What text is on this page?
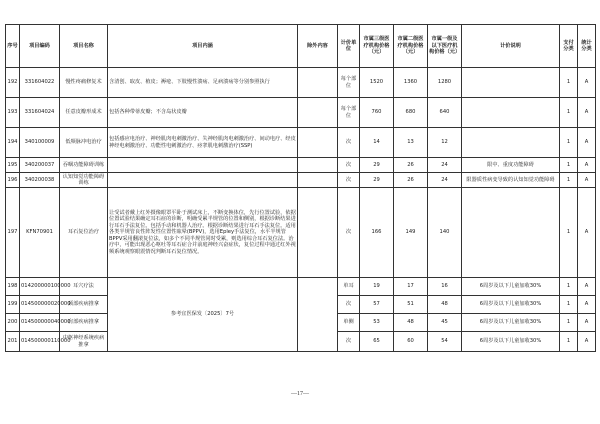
序号	项目编码	项目名称	项目内涵	除外内容	计价单位	市属三级医疗机构价格（元）	市属二级医疗机构价格（元）	市属一级及以下医疗机构价格（元）	计价说明	支付分类	统计分类
192	331604022	慢性疼痛修复术	含清创、取皮、植皮；褥疮、下肢慢性溃疡、足病溃疡等分别参照执行		每个部位	1520	1360	1280		1	A
193	331604024	任意皮瓣形成术	包括各种带蒂皮瓣；不含岛状皮瓣		每个部位	760	680	640		1	A
194	340100009	低频脉冲电治疗	包括感应电治疗、神经肌肉电刺激治疗、失神经肌肉电刺激治疗、间动电疗、经皮神经电刺激治疗、功能性电刺激治疗、痉挛肌电刺激治疗(SSP)		次	14	13	12		1	A
195	340200037	吞咽功能障碍训练			次	29	26	24	限中、重度功能障碍	1	A
196	340200038	认知知觉功能障碍训练			次	29	26	24	限器质性病变导致的认知知觉功能障碍	1	A
197	KFN70901	耳石复位治疗	让受试者戴上红外摄像眼罩平卧于测试床上，不断变换体位，先行位置试验，依据位置试验结果确定耳石症的诊断，明确受累半规管的位置和侧别，根据诊断结果进行耳石手法复位。包括手动和机器人治疗。根据诊断结果进行耳石手法复位。适用各类半规管良性阵发性位置性眩晕(BPPV)，选用Epley手法复位，水平半规管BPPV采用翻滚复位法，如多个不同半规管同时受累，则选用综合耳石复位法。治疗中，可能出现恶心呕吐等耳石症合并前庭神经兴奋症状，复位过程中通过红外视频系统观察眼震情况判断耳石复位情况。		次	166	149	140		1	A
198	014200000100000	耳穴疗法	参考宜医保发〔2025〕7号		单耳	19	17	16	6周岁及以下儿童加收30%	1	A
199	014500000020000	颈部疾病推拿			次	57	51	48	6周岁及以下儿童加收30%	1	A
200	014500000040000	肩部疾病推拿			单侧	53	48	45	6周岁及以下儿童加收30%	1	A
201	014500000110000	中枢神经系统疾病推拿			次	65	60	54	6周岁及以下儿童加收30%	1	A
—17—
